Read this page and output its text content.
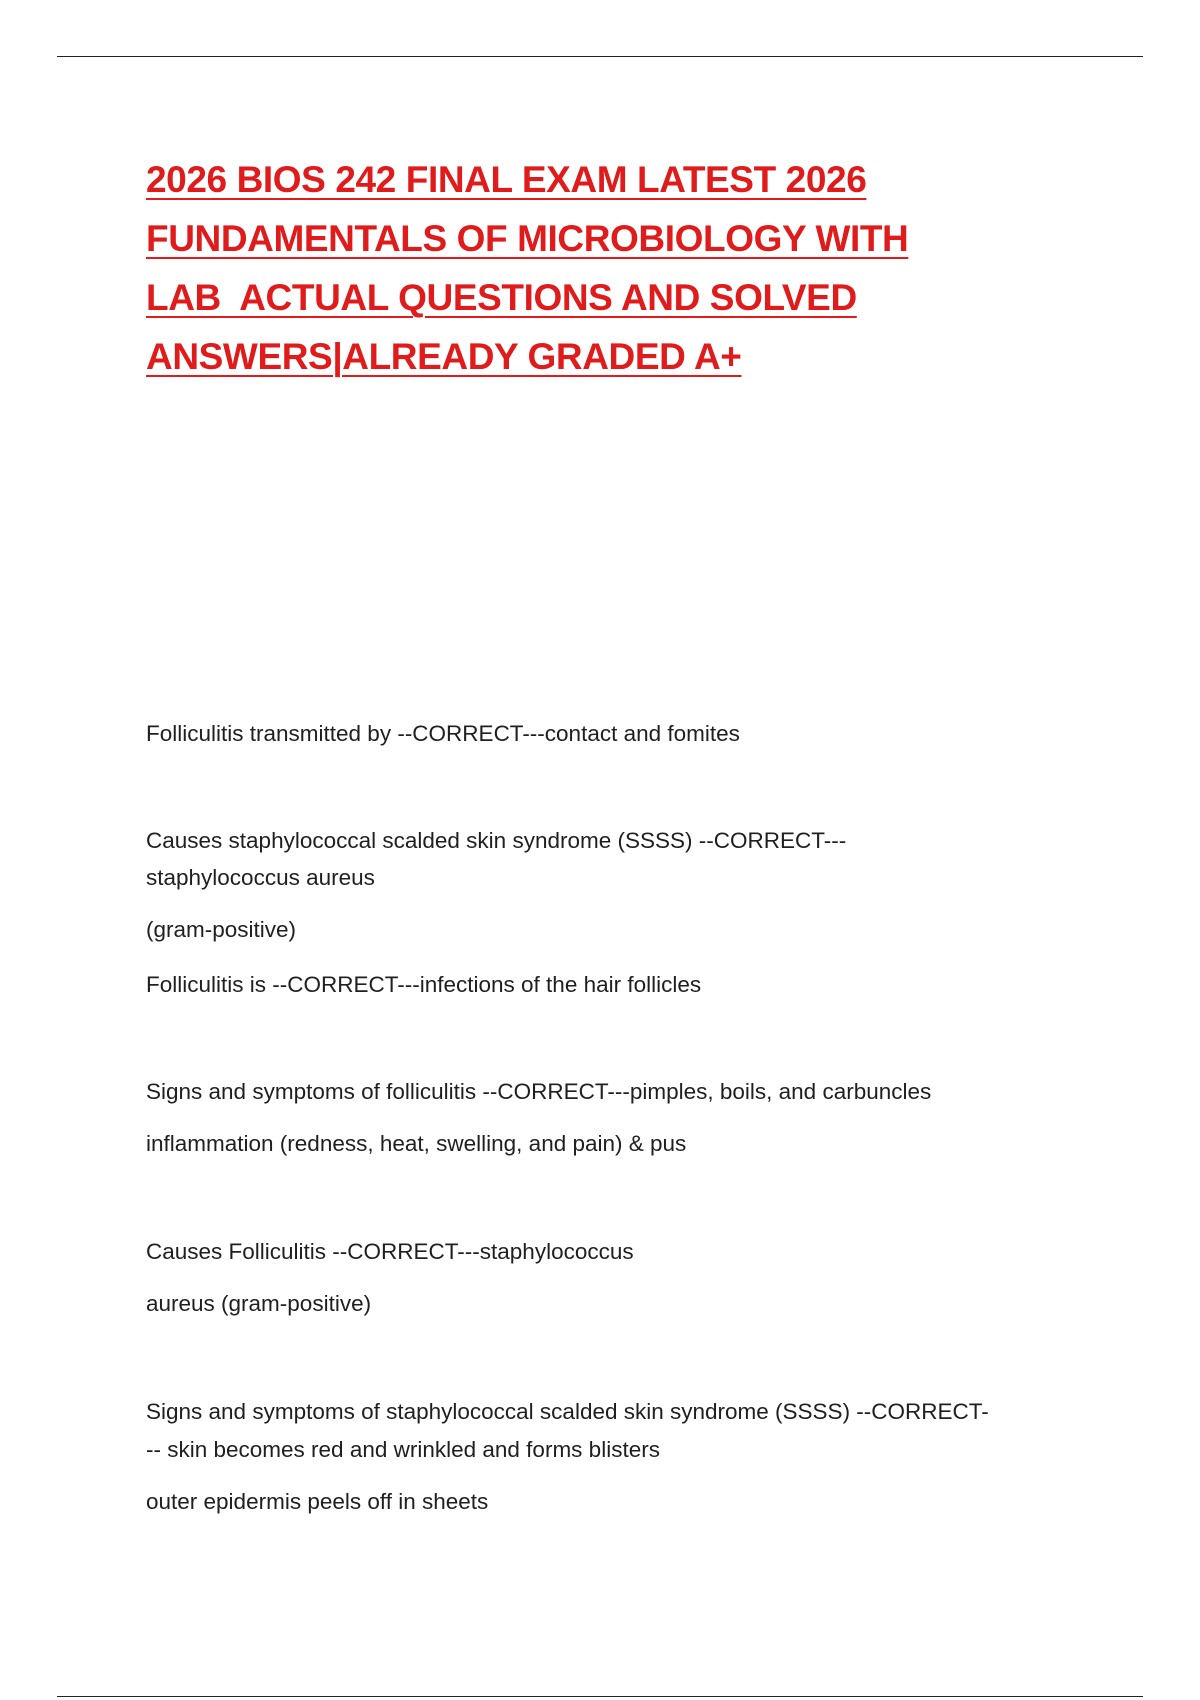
2026 BIOS 242 FINAL EXAM LATEST 2026
FUNDAMENTALS OF MICROBIOLOGY WITH
LAB  ACTUAL QUESTIONS AND SOLVED
ANSWERS|ALREADY GRADED A+

Folliculitis transmitted by --CORRECT---contact and fomites

Causes staphylococcal scalded skin syndrome (SSSS) --CORRECT---

staphylococcus aureus

(gram-positive)

Folliculitis is --CORRECT---infections of the hair follicles

Signs and symptoms of folliculitis --CORRECT---pimples, boils, and carbuncles

inflammation (redness, heat, swelling, and pain) & pus

Causes Folliculitis --CORRECT---staphylococcus

aureus (gram-positive)

Signs and symptoms of staphylococcal scalded skin syndrome (SSSS) --CORRECT-

-- skin becomes red and wrinkled and forms blisters

outer epidermis peels off in sheets
